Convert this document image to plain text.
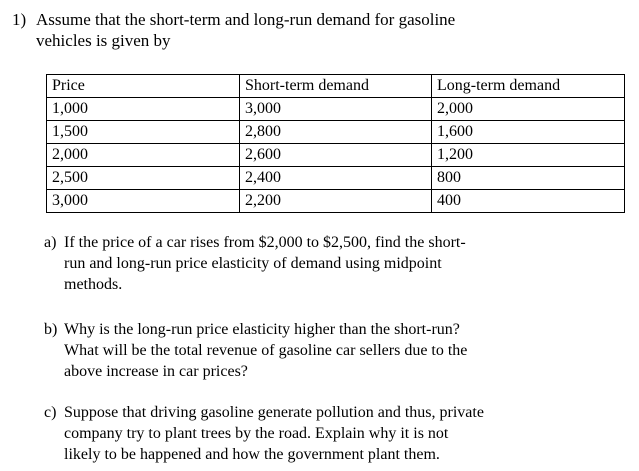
1) Assume that the short-term and long-run demand for gasoline
vehicles is given by
Price	Short-term demand	Long-term demand
1,000	3,000	2,000
1,500	2,800	1,600
2,000	2,600	1,200
2,500	2,400	800
3,000	2,200	400
a) If the price of a car rises from $2,000 to $2,500, find the short-
run and long-run price elasticity of demand using midpoint
methods.
b) Why is the long-run price elasticity higher than the short-run?
What will be the total revenue of gasoline car sellers due to the
above increase in car prices?
c) Suppose that driving gasoline generate pollution and thus, private
company try to plant trees by the road. Explain why it is not
likely to be happened and how the government plant them.
